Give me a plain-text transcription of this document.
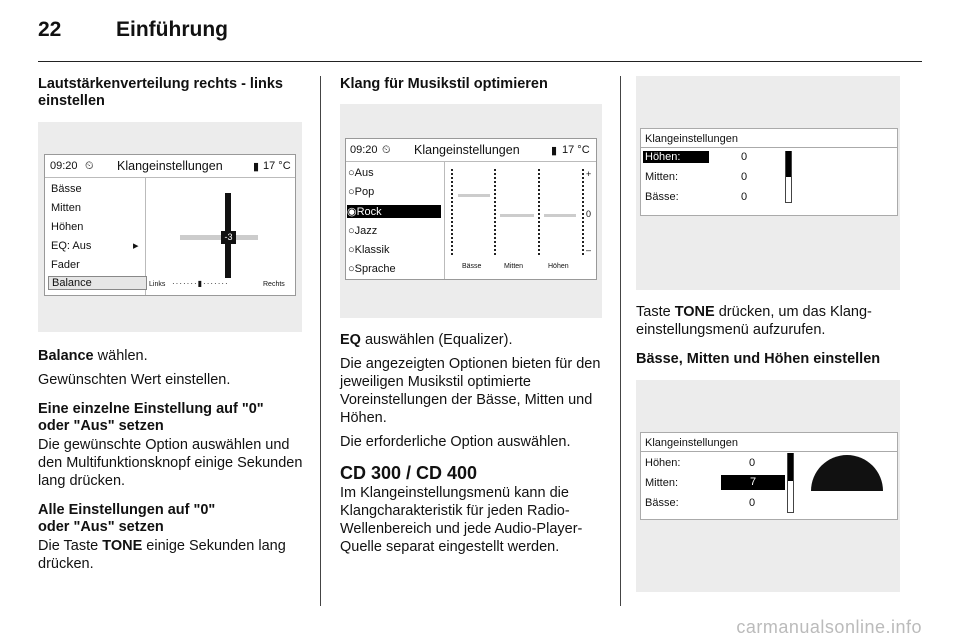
22	Einführung

Lautstärkenverteilung rechts - links einstellen

09:20 ⏲ Klangeinstellungen	▮ 17 °C
Bässe
Mitten
Höhen
EQ: Aus	▸
Fader
Balance
-3
Links ·······▮·······	Rechts

Balance wählen.

Gewünschten Wert einstellen.

Eine einzelne Einstellung auf "0"
oder "Aus" setzen

Die gewünschte Option auswählen und den Multifunktionsknopf einige Sekunden lang drücken.

Alle Einstellungen auf "0"
oder "Aus" setzen

Die Taste TONE einige Sekunden lang drücken.

Klang für Musikstil optimieren

09:20 ⏲ Klangeinstellungen	▮ 17 °C
○Aus
○Pop
◉Rock
○Jazz
○Klassik
○Sprache
+
0
–
Bässe	Mitten	Höhen

EQ auswählen (Equalizer).

Die angezeigten Optionen bieten für den jeweiligen Musikstil optimierte Voreinstellungen der Bässe, Mitten und Höhen.

Die erforderliche Option auswählen.

CD 300 / CD 400

Im Klangeinstellungsmenü kann die Klangcharakteristik für jeden Radio-Wellenbereich und jede Audio-Player-Quelle separat eingestellt werden.

Klangeinstellungen
Höhen:	0
Mitten:	0
Bässe:	0

Taste TONE drücken, um das Klang-einstellungsmenü aufzurufen.

Bässe, Mitten und Höhen einstellen

Klangeinstellungen
Höhen:	0
Mitten:	7
Bässe:	0
carmanualsonline.info
